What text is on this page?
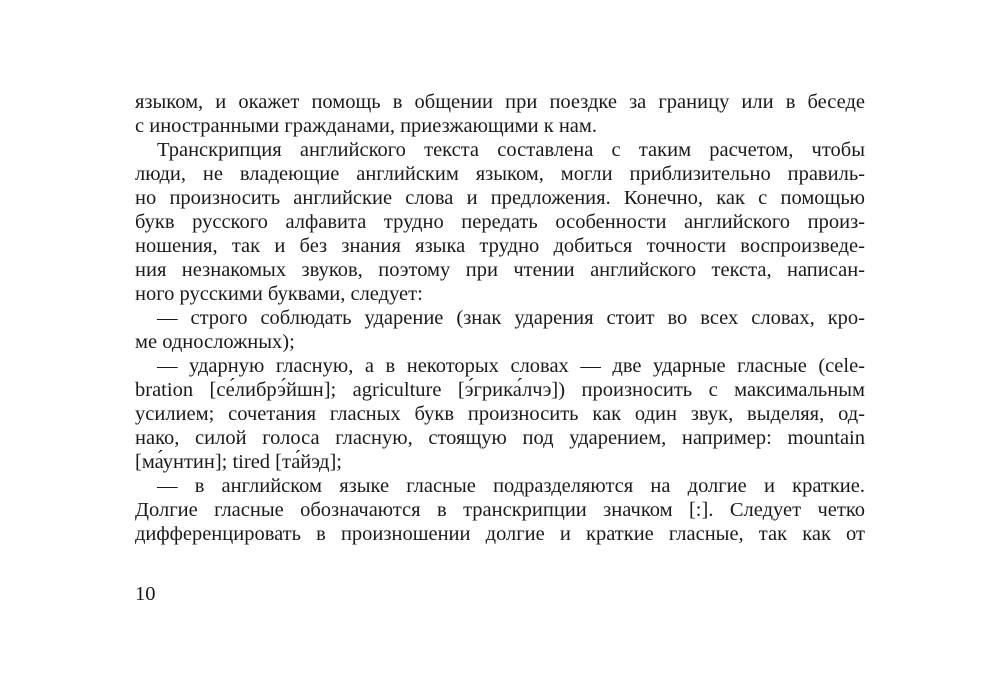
языком, и окажет помощь в общении при поездке за границу или в беседе
с иностранными гражданами, приезжающими к нам.
Транскрипция английского текста составлена с таким расчетом, чтобы
люди, не владеющие английским языком, могли приблизительно правиль-
но произносить английские слова и предложения. Конечно, как с помощью
букв русского алфавита трудно передать особенности английского произ-
ношения, так и без знания языка трудно добиться точности воспроизведе-
ния незнакомых звуков, поэтому при чтении английского текста, написан-
ного русскими буквами, следует:
— строго соблюдать ударение (знак ударения стоит во всех словах, кро-
ме односложных);
— ударную гласную, а в некоторых словах — две ударные гласные (cele-
bration [се́либрэ́йшн]; agriculture [э́грика́лчэ]) произносить с максимальным
усилием; сочетания гласных букв произносить как один звук, выделяя, од-
нако, силой голоса гласную, стоящую под ударением, например: mountain
[ма́унтин]; tired [та́йэд];
— в английском языке гласные подразделяются на долгие и краткие.
Долгие гласные обозначаются в транскрипции значком [:]. Следует четко
дифференцировать в произношении долгие и краткие гласные, так как от
10
